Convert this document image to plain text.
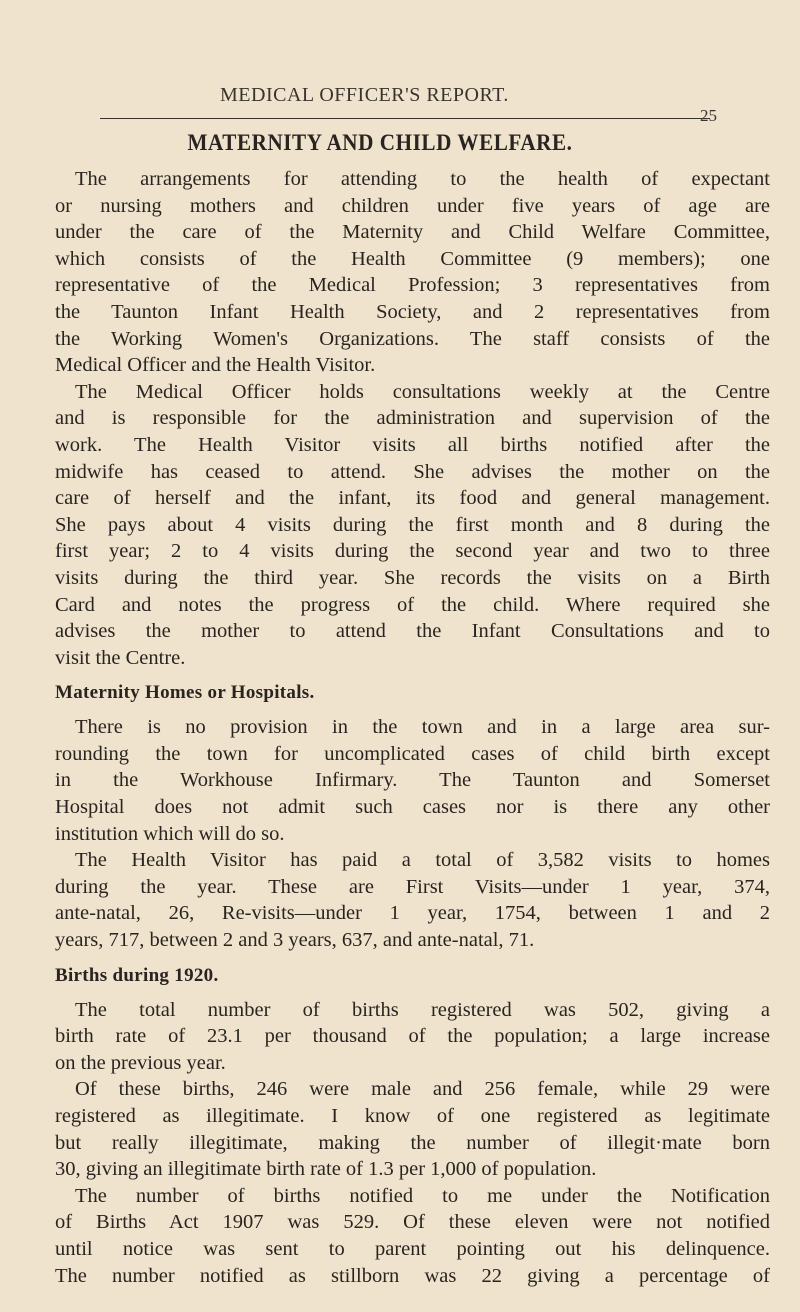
MEDICAL OFFICER'S REPORT.
25
MATERNITY AND CHILD WELFARE.
The arrangements for attending to the health of expectant
or nursing mothers and children under five years of age are
under the care of the Maternity and Child Welfare Committee,
which consists of the Health Committee (9 members); one
representative of the Medical Profession; 3 representatives from
the Taunton Infant Health Society, and 2 representatives from
the Working Women's Organizations. The staff consists of the
Medical Officer and the Health Visitor.
The Medical Officer holds consultations weekly at the Centre
and is responsible for the administration and supervision of the
work. The Health Visitor visits all births notified after the
midwife has ceased to attend. She advises the mother on the
care of herself and the infant, its food and general management.
She pays about 4 visits during the first month and 8 during the
first year; 2 to 4 visits during the second year and two to three
visits during the third year. She records the visits on a Birth
Card and notes the progress of the child. Where required she
advises the mother to attend the Infant Consultations and to
visit the Centre.
Maternity Homes or Hospitals.
There is no provision in the town and in a large area sur-
rounding the town for uncomplicated cases of child birth except
in the Workhouse Infirmary. The Taunton and Somerset
Hospital does not admit such cases nor is there any other
institution which will do so.
The Health Visitor has paid a total of 3,582 visits to homes
during the year. These are First Visits—under 1 year, 374,
ante-natal, 26, Re-visits—under 1 year, 1754, between 1 and 2
years, 717, between 2 and 3 years, 637, and ante-natal, 71.
Births during 1920.
The total number of births registered was 502, giving a
birth rate of 23.1 per thousand of the population; a large increase
on the previous year.
Of these births, 246 were male and 256 female, while 29 were
registered as illegitimate. I know of one registered as legitimate
but really illegitimate, making the number of illegit·mate born
30, giving an illegitimate birth rate of 1.3 per 1,000 of population.
The number of births notified to me under the Notification
of Births Act 1907 was 529. Of these eleven were not notified
until notice was sent to parent pointing out his delinquence.
The number notified as stillborn was 22 giving a percentage of
